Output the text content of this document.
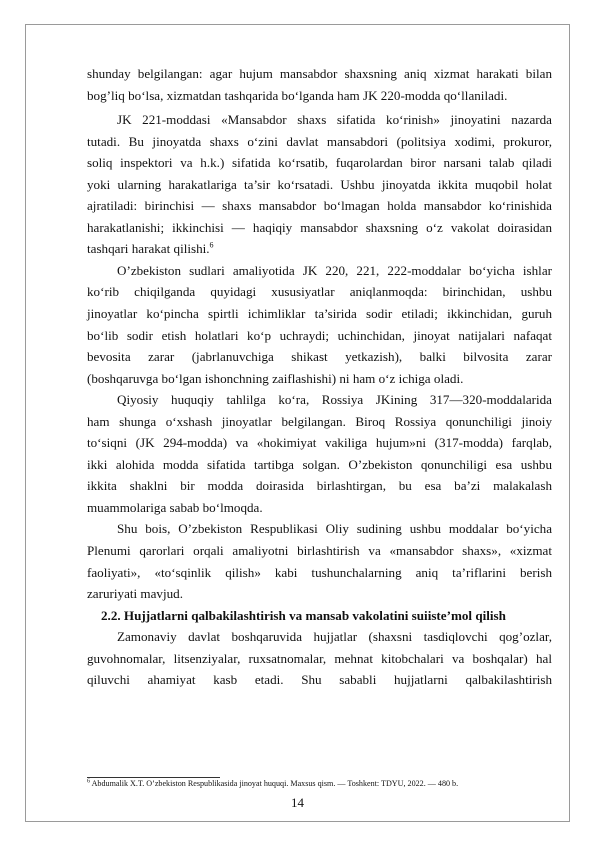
shunday belgilangan: agar hujum mansabdor shaxsning aniq xizmat harakati bilan
bog’liq bo‘lsa, xizmatdan tashqarida bo‘lganda ham JK 220-modda qo‘llaniladi.
JK 221-moddasi «Mansabdor shaxs sifatida ko‘rinish» jinoyatini nazarda
tutadi. Bu jinoyatda shaxs o‘zini davlat mansabdori (politsiya xodimi, prokuror,
soliq inspektori va h.k.) sifatida ko‘rsatib, fuqarolardan biror narsani talab qiladi
yoki ularning harakatlariga ta’sir ko‘rsatadi. Ushbu jinoyatda ikkita muqobil holat
ajratiladi: birinchisi — shaxs mansabdor bo‘lmagan holda mansabdor ko‘rinishida
harakatlanishi; ikkinchisi — haqiqiy mansabdor shaxsning o‘z vakolat doirasidan
tashqari harakat qilishi.$^6$
O’zbekiston sudlari amaliyotida JK 220, 221, 222-moddalar bo‘yicha ishlar
ko‘rib chiqilganda quyidagi xususiyatlar aniqlanmoqda: birinchidan, ushbu
jinoyatlar ko‘pincha spirtli ichimliklar ta’sirida sodir etiladi; ikkinchidan, guruh
bo‘lib sodir etish holatlari ko‘p uchraydi; uchinchidan, jinoyat natijalari nafaqat
bevosita zarar (jabrlanuvchiga shikast yetkazish), balki bilvosita zarar
(boshqaruvga bo‘lgan ishonchning zaiflashishi) ni ham o‘z ichiga oladi.
Qiyosiy huquqiy tahlilga ko‘ra, Rossiya JKining 317—320-moddalarida
ham shunga o‘xshash jinoyatlar belgilangan. Biroq Rossiya qonunchiligi jinoiy
to‘siqni (JK 294-modda) va «hokimiyat vakiliga hujum»ni (317-modda) farqlab,
ikki alohida modda sifatida tartibga solgan. O’zbekiston qonunchiligi esa ushbu
ikkita shaklni bir modda doirasida birlashtirgan, bu esa ba’zi malakalash
muammolariga sabab bo‘lmoqda.
Shu bois, O’zbekiston Respublikasi Oliy sudining ushbu moddalar bo‘yicha
Plenumi qarorlari orqali amaliyotni birlashtirish va «mansabdor shaxs», «xizmat
faoliyati», «to‘sqinlik qilish» kabi tushunchalarning aniq ta’riflarini berish
zaruriyati mavjud.
2.2. Hujjatlarni qalbakilashtirish va mansab vakolatini suiiste’mol qilish
Zamonaviy davlat boshqaruvida hujjatlar (shaxsni tasdiqlovchi qog’ozlar,
guvohnomalar, litsenziyalar, ruxsatnomalar, mehnat kitobchalari va boshqalar) hal
qiluvchi ahamiyat kasb etadi. Shu sababli hujjatlarni qalbakilashtirish
$^6$ Abdumalik X.T. O’zbekiston Respublikasida jinoyat huquqi. Maxsus qism. — Toshkent: TDYU, 2022. — 480 b.
14
